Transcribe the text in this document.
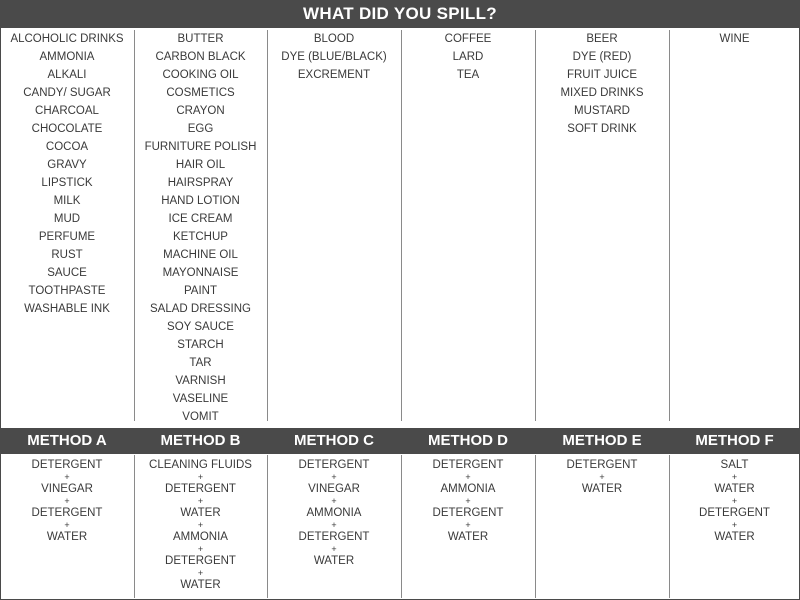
WHAT DID YOU SPILL?
ALCOHOLIC DRINKS
AMMONIA
ALKALI
CANDY/ SUGAR
CHARCOAL
CHOCOLATE
COCOA
GRAVY
LIPSTICK
MILK
MUD
PERFUME
RUST
SAUCE
TOOTHPASTE
WASHABLE INK
BUTTER
CARBON BLACK
COOKING OIL
COSMETICS
CRAYON
EGG
FURNITURE POLISH
HAIR OIL
HAIRSPRAY
HAND LOTION
ICE CREAM
KETCHUP
MACHINE OIL
MAYONNAISE
PAINT
SALAD DRESSING
SOY SAUCE
STARCH
TAR
VARNISH
VASELINE
VOMIT
BLOOD
DYE (BLUE/BLACK)
EXCREMENT
COFFEE
LARD
TEA
BEER
DYE (RED)
FRUIT JUICE
MIXED DRINKS
MUSTARD
SOFT DRINK
WINE
METHOD A
DETERGENT
+
VINEGAR
+
DETERGENT
+
WATER
METHOD B
CLEANING FLUIDS
+
DETERGENT
+
WATER
+
AMMONIA
+
DETERGENT
+
WATER
METHOD C
DETERGENT
+
VINEGAR
+
AMMONIA
+
DETERGENT
+
WATER
METHOD D
DETERGENT
+
AMMONIA
+
DETERGENT
+
WATER
METHOD E
DETERGENT
+
WATER
METHOD F
SALT
+
WATER
+
DETERGENT
+
WATER
